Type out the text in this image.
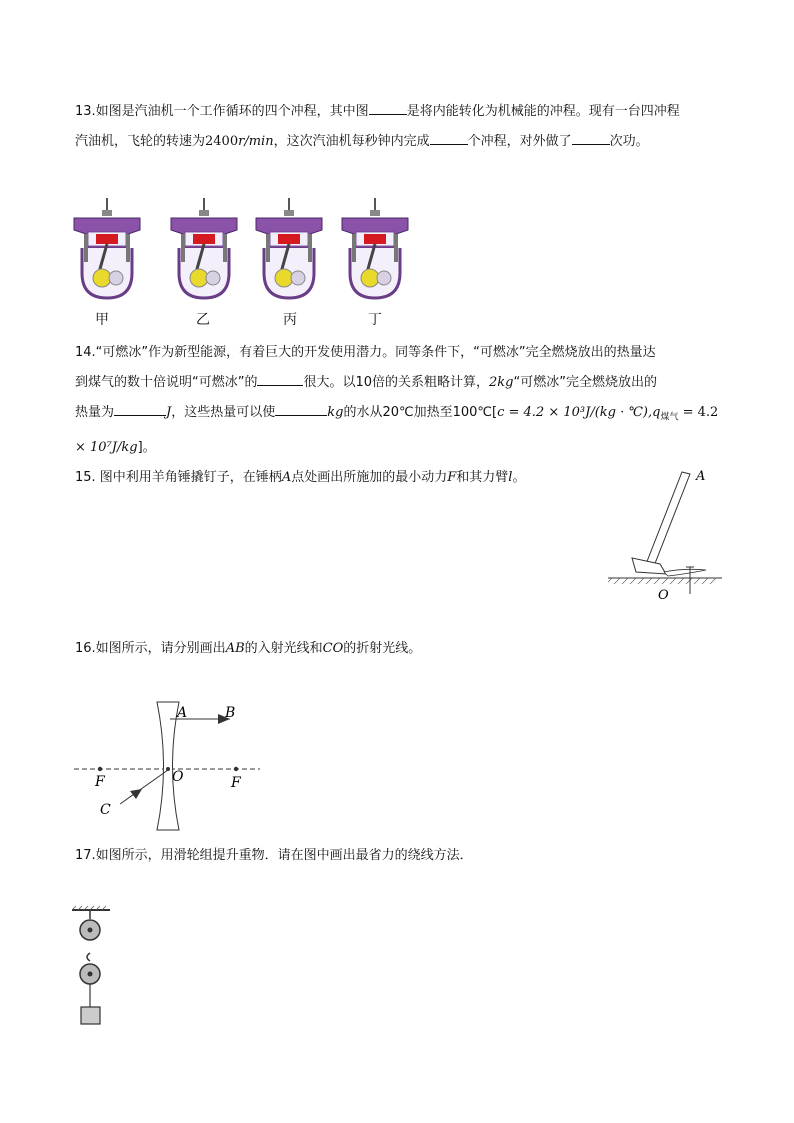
13.如图是汽油机一个工作循环的四个冲程，其中图	是将内能转化为机械能的冲程。现有一台四冲程
汽油机，飞轮的转速为2400r/min，这次汽油机每秒钟内完成	个冲程，对外做了	次功。
甲	乙	丙	丁
14.“可燃冰”作为新型能源，有着巨大的开发使用潜力。同等条件下，“可燃冰”完全燃烧放出的热量达
到煤气的数十倍说明“可燃冰”的	很大。以10倍的关系粗略计算，2kg“可燃冰”完全燃烧放出的
热量为	J，这些热量可以使	kg的水从20℃加热至100℃[c = $4.2 \times 10^3J/(kg \cdot ℃),q_{煤气} = 4.2$
× 10⁷J/kg]。
15. 图中利用羊角锤撬钉子，在锤柄A点处画出所施加的最小动力F和其力臂l。	A
O
16.如图所示，请分别画出AB的入射光线和CO的折射光线。
A	B
O
F	F
C
17.如图所示，用滑轮组提升重物．请在图中画出最省力的绕线方法．
